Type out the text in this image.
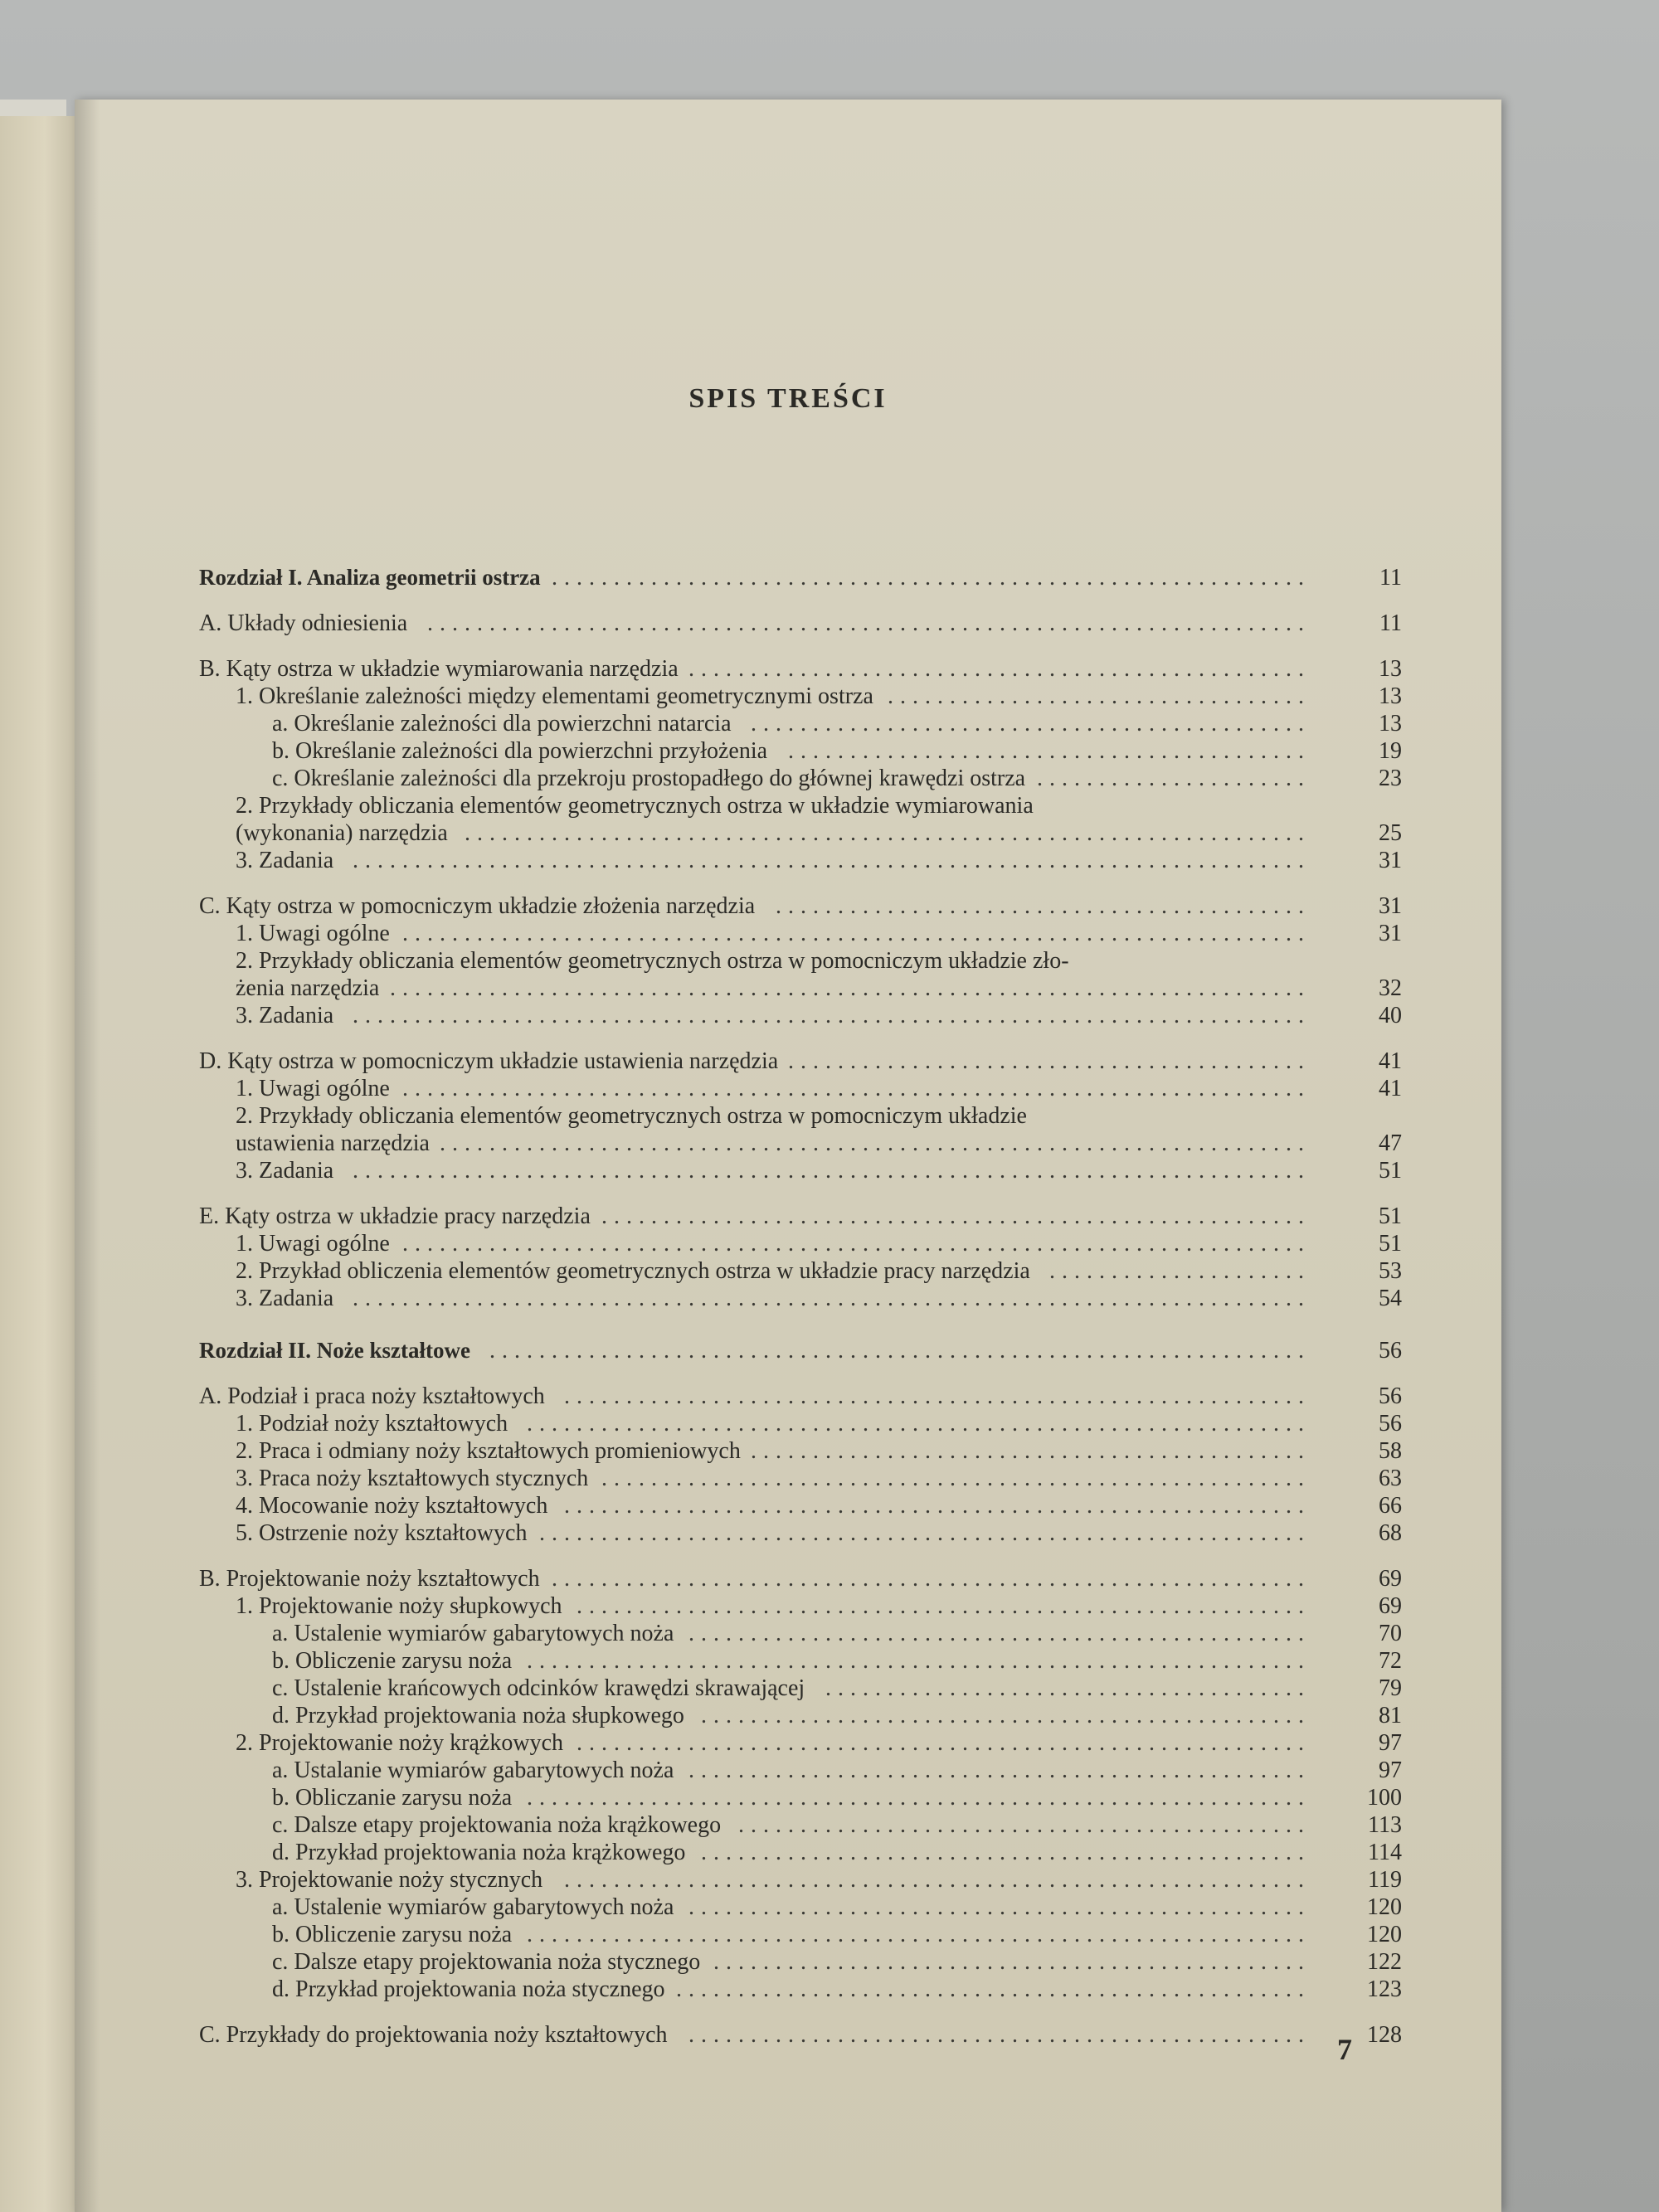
SPIS TREŚCI
Rozdział I. Analiza geometrii ostrza .............................................................	11
A. Układy odniesienia .......................................................................	11
B. Kąty ostrza w układzie wymiarowania narzędzia ..................................................	13
1. Określanie zależności między elementami geometrycznymi ostrza ..................................	13
a. Określanie zależności dla powierzchni natarcia .............................................	13
b. Określanie zależności dla powierzchni przyłożenia ..........................................	19
c. Określanie zależności dla przekroju prostopadłego do głównej krawędzi ostrza ......................	23
2. Przykłady obliczania elementów geometrycznych ostrza w układzie wymiarowania
(wykonania) narzędzia ....................................................................	25
3. Zadania .............................................................................	31
C. Kąty ostrza w pomocniczym układzie złożenia narzędzia ...........................................	31
1. Uwagi ogólne .........................................................................	31
2. Przykłady obliczania elementów geometrycznych ostrza w pomocniczym układzie zło-
żenia narzędzia ..........................................................................	32
3. Zadania .............................................................................	40
D. Kąty ostrza w pomocniczym układzie ustawienia narzędzia ..........................................	41
1. Uwagi ogólne .........................................................................	41
2. Przykłady obliczania elementów geometrycznych ostrza w pomocniczym układzie
ustawienia narzędzia ......................................................................	47
3. Zadania .............................................................................	51
E. Kąty ostrza w układzie pracy narzędzia .........................................................	51
1. Uwagi ogólne .........................................................................	51
2. Przykład obliczenia elementów geometrycznych ostrza w układzie pracy narzędzia .....................	53
3. Zadania .............................................................................	54
Rozdział II. Noże kształtowe ..................................................................	56
A. Podział i praca noży kształtowych ............................................................	56
1. Podział noży kształtowych ...............................................................	56
2. Praca i odmiany noży kształtowych promieniowych .............................................	58
3. Praca noży kształtowych stycznych .........................................................	63
4. Mocowanie noży kształtowych ............................................................	66
5. Ostrzenie noży kształtowych ..............................................................	68
B. Projektowanie noży kształtowych .............................................................	69
1. Projektowanie noży słupkowych ...........................................................	69
a. Ustalenie wymiarów gabarytowych noża ..................................................	70
b. Obliczenie zarysu noża ...............................................................	72
c. Ustalenie krańcowych odcinków krawędzi skrawającej .......................................	79
d. Przykład projektowania noża słupkowego .................................................	81
2. Projektowanie noży krążkowych ...........................................................	97
a. Ustalanie wymiarów gabarytowych noża ..................................................	97
b. Obliczanie zarysu noża ...............................................................	100
c. Dalsze etapy projektowania noża krążkowego ..............................................	113
d. Przykład projektowania noża krążkowego .................................................	114
3. Projektowanie noży stycznych ............................................................	119
a. Ustalenie wymiarów gabarytowych noża ..................................................	120
b. Obliczenie zarysu noża ...............................................................	120
c. Dalsze etapy projektowania noża stycznego ................................................	122
d. Przykład projektowania noża stycznego ...................................................	123
C. Przykłady do projektowania noży kształtowych ..................................................	128
7
